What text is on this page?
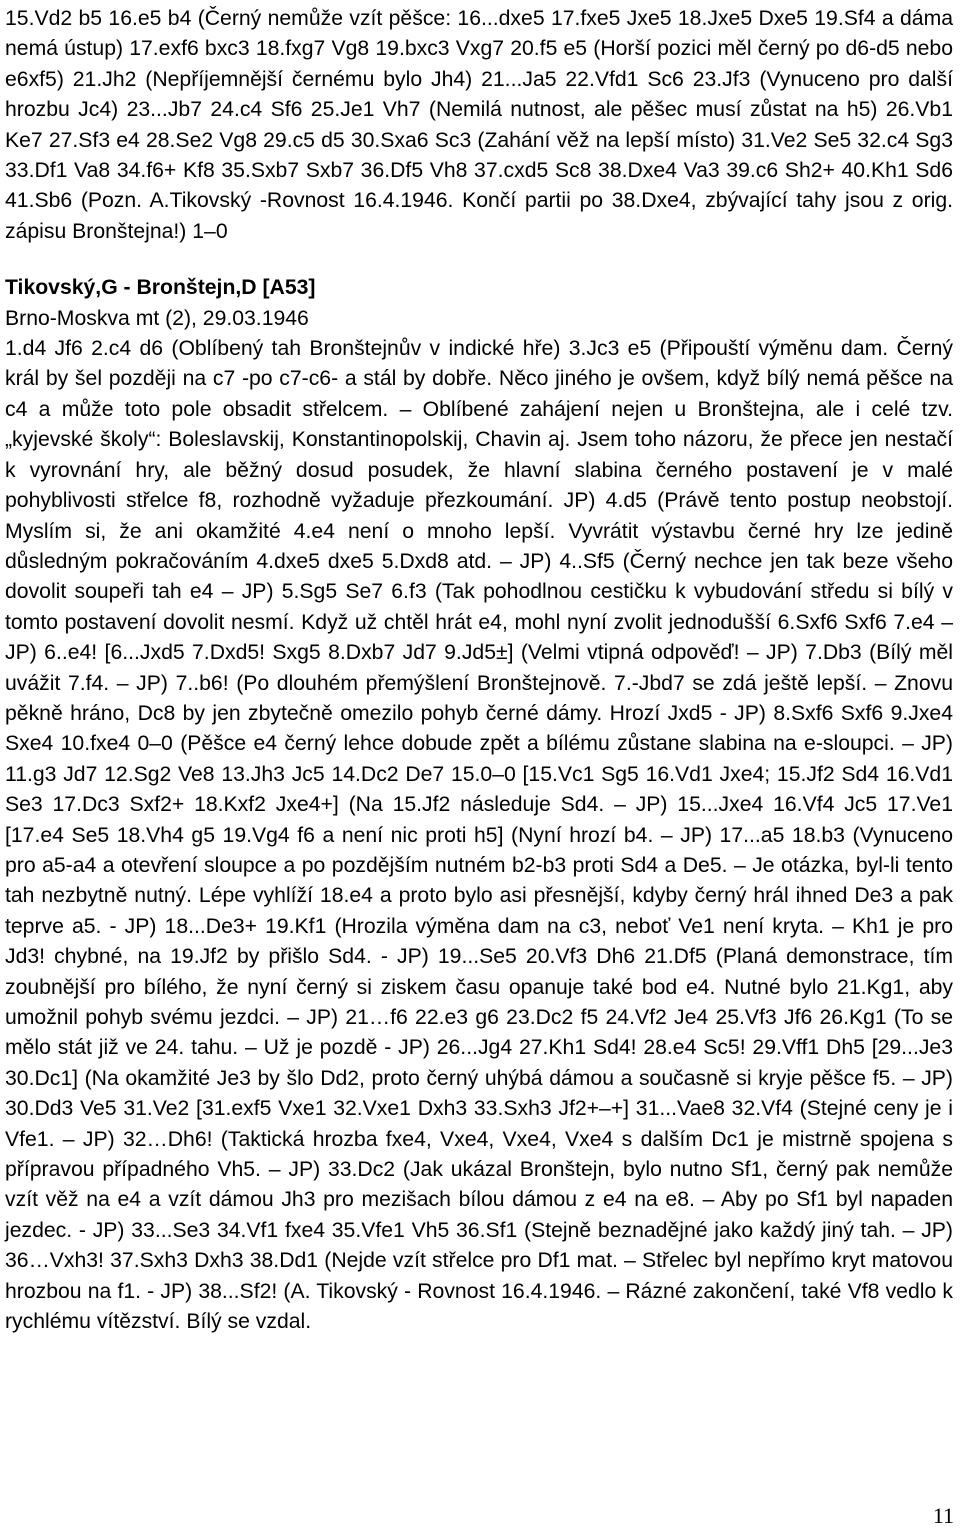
15.Vd2 b5 16.e5 b4 (Černý nemůže vzít pěšce: 16...dxe5 17.fxe5 Jxe5 18.Jxe5 Dxe5 19.Sf4 a dáma nemá ústup) 17.exf6 bxc3 18.fxg7 Vg8 19.bxc3 Vxg7 20.f5 e5 (Horší pozici měl černý po d6-d5 nebo e6xf5) 21.Jh2 (Nepříjemnější černému bylo Jh4) 21...Ja5 22.Vfd1 Sc6 23.Jf3 (Vynuceno pro další hrozbu Jc4) 23...Jb7 24.c4 Sf6 25.Je1 Vh7 (Nemilá nutnost, ale pěšec musí zůstat na h5) 26.Vb1 Ke7 27.Sf3 e4 28.Se2 Vg8 29.c5 d5 30.Sxa6 Sc3 (Zahání věž na lepší místo) 31.Ve2 Se5 32.c4 Sg3 33.Df1 Va8 34.f6+ Kf8 35.Sxb7 Sxb7 36.Df5 Vh8 37.cxd5 Sc8 38.Dxe4 Va3 39.c6 Sh2+ 40.Kh1 Sd6 41.Sb6 (Pozn. A.Tikovský -Rovnost 16.4.1946. Končí partii po 38.Dxe4, zbývající tahy jsou z orig. zápisu Bronštejna!) 1–0

Tikovský,G - Bronštejn,D [A53]

Brno-Moskva mt (2), 29.03.1946

1.d4 Jf6 2.c4 d6 (Oblíbený tah Bronštejnův v indické hře) 3.Jc3 e5 (Připouští výměnu dam. Černý král by šel později na c7 -po c7-c6- a stál by dobře. Něco jiného je ovšem, když bílý nemá pěšce na c4 a může toto pole obsadit střelcem. – Oblíbené zahájení nejen u Bronštejna, ale i celé tzv. „kyjevské školy“: Boleslavskij, Konstantinopolskij, Chavin aj. Jsem toho názoru, že přece jen nestačí k vyrovnání hry, ale běžný dosud posudek, že hlavní slabina černého postavení je v malé pohyblivosti střelce f8, rozhodně vyžaduje přezkoumání. JP) 4.d5 (Právě tento postup neobstojí. Myslím si, že ani okamžité 4.e4 není o mnoho lepší. Vyvrátit výstavbu černé hry lze jedině důsledným pokračováním 4.dxe5 dxe5 5.Dxd8 atd. – JP) 4..Sf5 (Černý nechce jen tak beze všeho dovolit soupeři tah e4 – JP) 5.Sg5 Se7 6.f3 (Tak pohodlnou cestičku k vybudování středu si bílý v tomto postavení dovolit nesmí. Když už chtěl hrát e4, mohl nyní zvolit jednodušší 6.Sxf6 Sxf6 7.e4 – JP) 6..e4! [6...Jxd5 7.Dxd5! Sxg5 8.Dxb7 Jd7 9.Jd5±] (Velmi vtipná odpověď! – JP) 7.Db3 (Bílý měl uvážit 7.f4. – JP) 7..b6! (Po dlouhém přemýšlení Bronštejnově. 7.-Jbd7 se zdá ještě lepší. – Znovu pěkně hráno, Dc8 by jen zbytečně omezilo pohyb černé dámy. Hrozí Jxd5 - JP) 8.Sxf6 Sxf6 9.Jxe4 Sxe4 10.fxe4 0–0 (Pěšce e4 černý lehce dobude zpět a bílému zůstane slabina na e-sloupci. – JP) 11.g3 Jd7 12.Sg2 Ve8 13.Jh3 Jc5 14.Dc2 De7 15.0–0 [15.Vc1 Sg5 16.Vd1 Jxe4; 15.Jf2 Sd4 16.Vd1 Se3 17.Dc3 Sxf2+ 18.Kxf2 Jxe4+] (Na 15.Jf2 následuje Sd4. – JP) 15...Jxe4 16.Vf4 Jc5 17.Ve1 [17.e4 Se5 18.Vh4 g5 19.Vg4 f6 a není nic proti h5] (Nyní hrozí b4. – JP) 17...a5 18.b3 (Vynuceno pro a5-a4 a otevření sloupce a po pozdějším nutném b2-b3 proti Sd4 a De5. – Je otázka, byl-li tento tah nezbytně nutný. Lépe vyhlíží 18.e4 a proto bylo asi přesnější, kdyby černý hrál ihned De3 a pak teprve a5. - JP) 18...De3+ 19.Kf1 (Hrozila výměna dam na c3, neboť Ve1 není kryta. – Kh1 je pro Jd3! chybné, na 19.Jf2 by přišlo Sd4. - JP) 19...Se5 20.Vf3 Dh6 21.Df5 (Planá demonstrace, tím zoubnější pro bílého, že nyní černý si ziskem času opanuje také bod e4. Nutné bylo 21.Kg1, aby umožnil pohyb svému jezdci. – JP) 21…f6 22.e3 g6 23.Dc2 f5 24.Vf2 Je4 25.Vf3 Jf6 26.Kg1 (To se mělo stát již ve 24. tahu. – Už je pozdě - JP) 26...Jg4 27.Kh1 Sd4! 28.e4 Sc5! 29.Vff1 Dh5 [29...Je3 30.Dc1] (Na okamžité Je3 by šlo Dd2, proto černý uhýbá dámou a současně si kryje pěšce f5. – JP) 30.Dd3 Ve5 31.Ve2 [31.exf5 Vxe1 32.Vxe1 Dxh3 33.Sxh3 Jf2+–+] 31...Vae8 32.Vf4 (Stejné ceny je i Vfe1. – JP) 32…Dh6! (Taktická hrozba fxe4, Vxe4, Vxe4, Vxe4 s dalším Dc1 je mistrně spojena s přípravou případného Vh5. – JP) 33.Dc2 (Jak ukázal Bronštejn, bylo nutno Sf1, černý pak nemůže vzít věž na e4 a vzít dámou Jh3 pro mezišach bílou dámou z e4 na e8. – Aby po Sf1 byl napaden jezdec. - JP) 33...Se3 34.Vf1 fxe4 35.Vfe1 Vh5 36.Sf1 (Stejně beznadějné jako každý jiný tah. – JP) 36…Vxh3! 37.Sxh3 Dxh3 38.Dd1 (Nejde vzít střelce pro Df1 mat. – Střelec byl nepřímo kryt matovou hrozbou na f1. - JP) 38...Sf2! (A. Tikovský - Rovnost 16.4.1946. – Rázné zakončení, také Vf8 vedlo k rychlému vítězství. Bílý se vzdal.

11
